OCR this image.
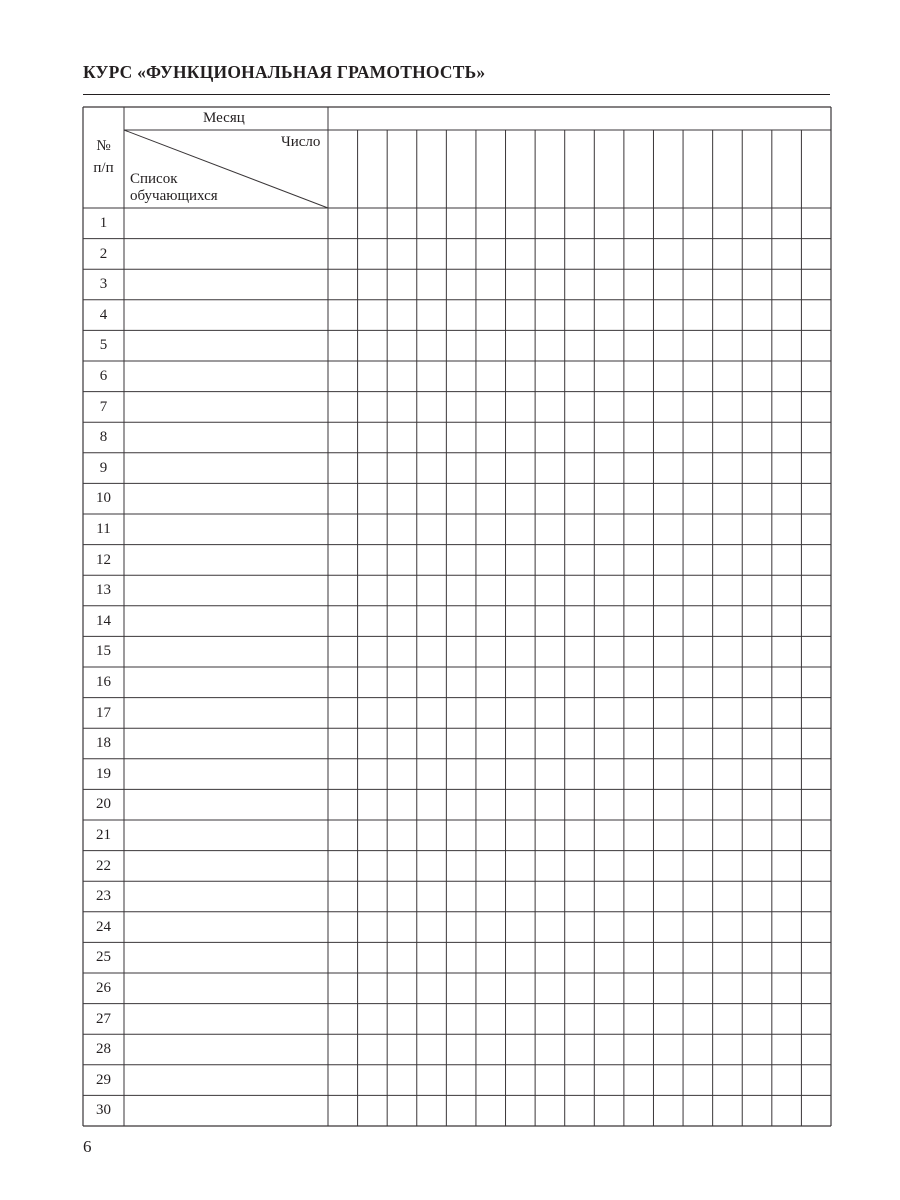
КУРС «ФУНКЦИОНАЛЬНАЯ ГРАМОТНОСТЬ»
№
п/п
Месяц
Число
Список
обучающихся
1
2
3
4
5
6
7
8
9
10
11
12
13
14
15
16
17
18
19
20
21
22
23
24
25
26
27
28
29
30
6
